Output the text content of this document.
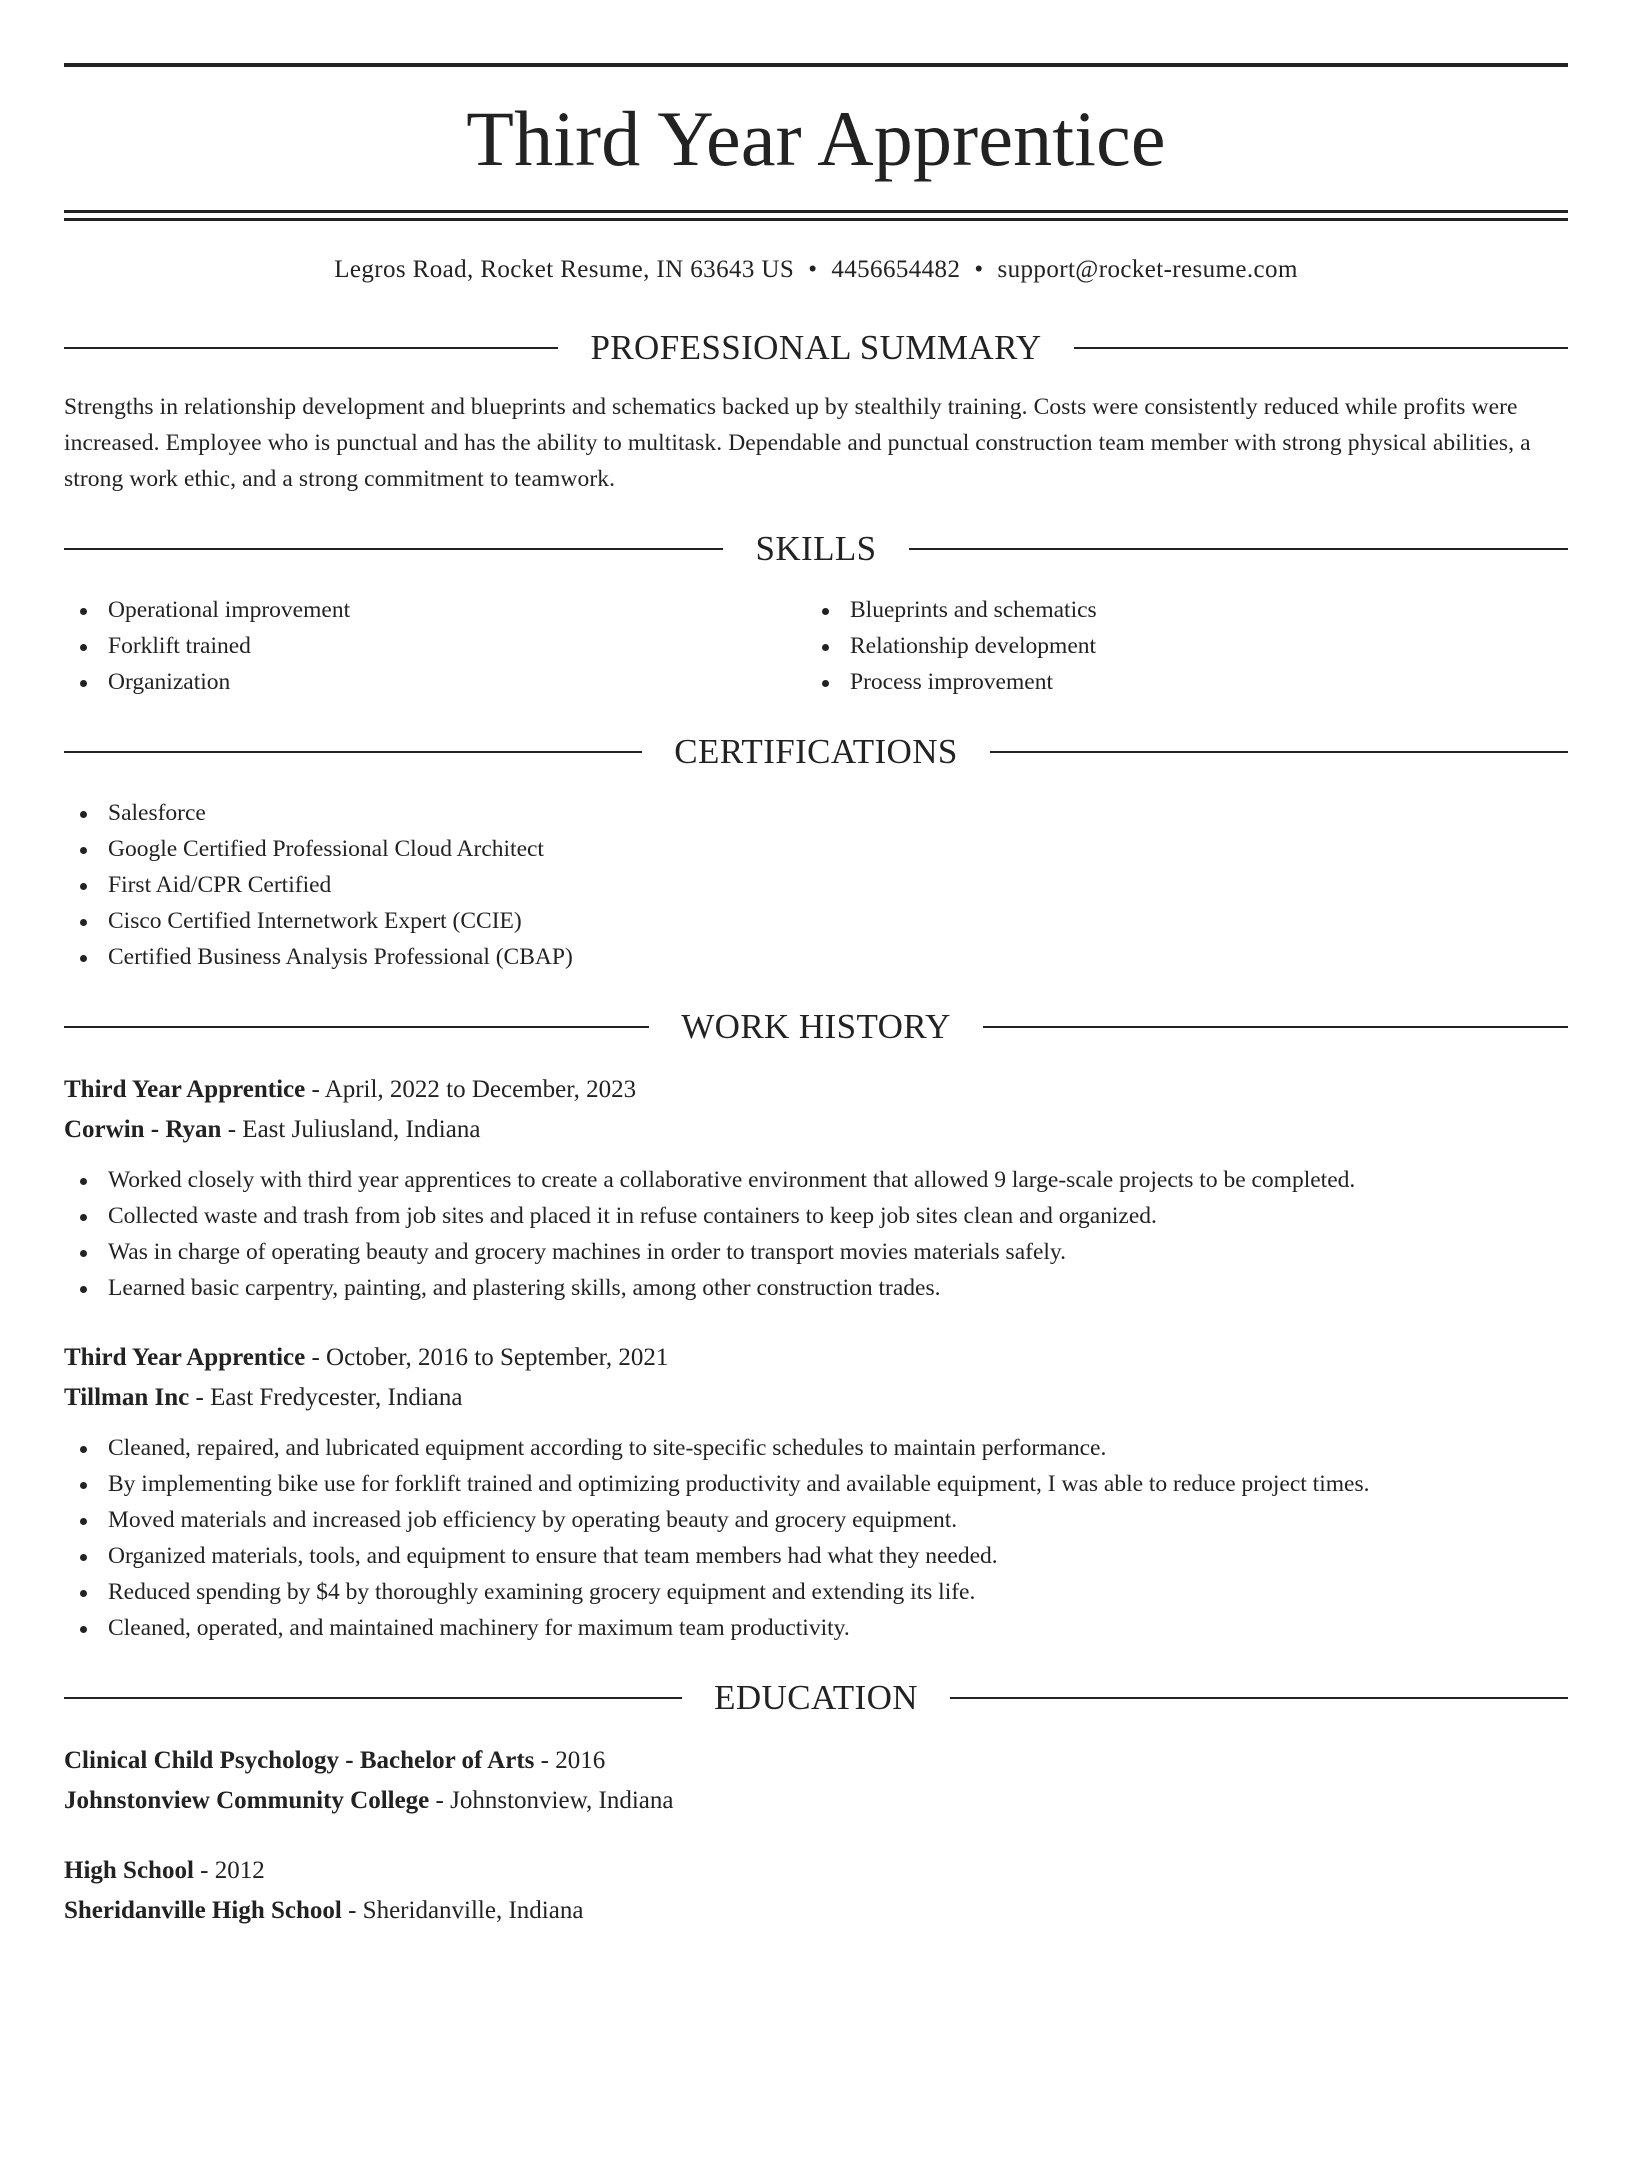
Third Year Apprentice
Legros Road, Rocket Resume, IN 63643 US • 4456654482 • support@rocket-resume.com
PROFESSIONAL SUMMARY
Strengths in relationship development and blueprints and schematics backed up by stealthily training. Costs were consistently reduced while profits were increased. Employee who is punctual and has the ability to multitask. Dependable and punctual construction team member with strong physical abilities, a strong work ethic, and a strong commitment to teamwork.
SKILLS
Operational improvement
Forklift trained
Organization
Blueprints and schematics
Relationship development
Process improvement
CERTIFICATIONS
Salesforce
Google Certified Professional Cloud Architect
First Aid/CPR Certified
Cisco Certified Internetwork Expert (CCIE)
Certified Business Analysis Professional (CBAP)
WORK HISTORY
Third Year Apprentice - April, 2022 to December, 2023
Corwin - Ryan - East Juliusland, Indiana
Worked closely with third year apprentices to create a collaborative environment that allowed 9 large-scale projects to be completed.
Collected waste and trash from job sites and placed it in refuse containers to keep job sites clean and organized.
Was in charge of operating beauty and grocery machines in order to transport movies materials safely.
Learned basic carpentry, painting, and plastering skills, among other construction trades.
Third Year Apprentice - October, 2016 to September, 2021
Tillman Inc - East Fredycester, Indiana
Cleaned, repaired, and lubricated equipment according to site-specific schedules to maintain performance.
By implementing bike use for forklift trained and optimizing productivity and available equipment, I was able to reduce project times.
Moved materials and increased job efficiency by operating beauty and grocery equipment.
Organized materials, tools, and equipment to ensure that team members had what they needed.
Reduced spending by $4 by thoroughly examining grocery equipment and extending its life.
Cleaned, operated, and maintained machinery for maximum team productivity.
EDUCATION
Clinical Child Psychology - Bachelor of Arts - 2016
Johnstonview Community College - Johnstonview, Indiana
High School - 2012
Sheridanville High School - Sheridanville, Indiana
